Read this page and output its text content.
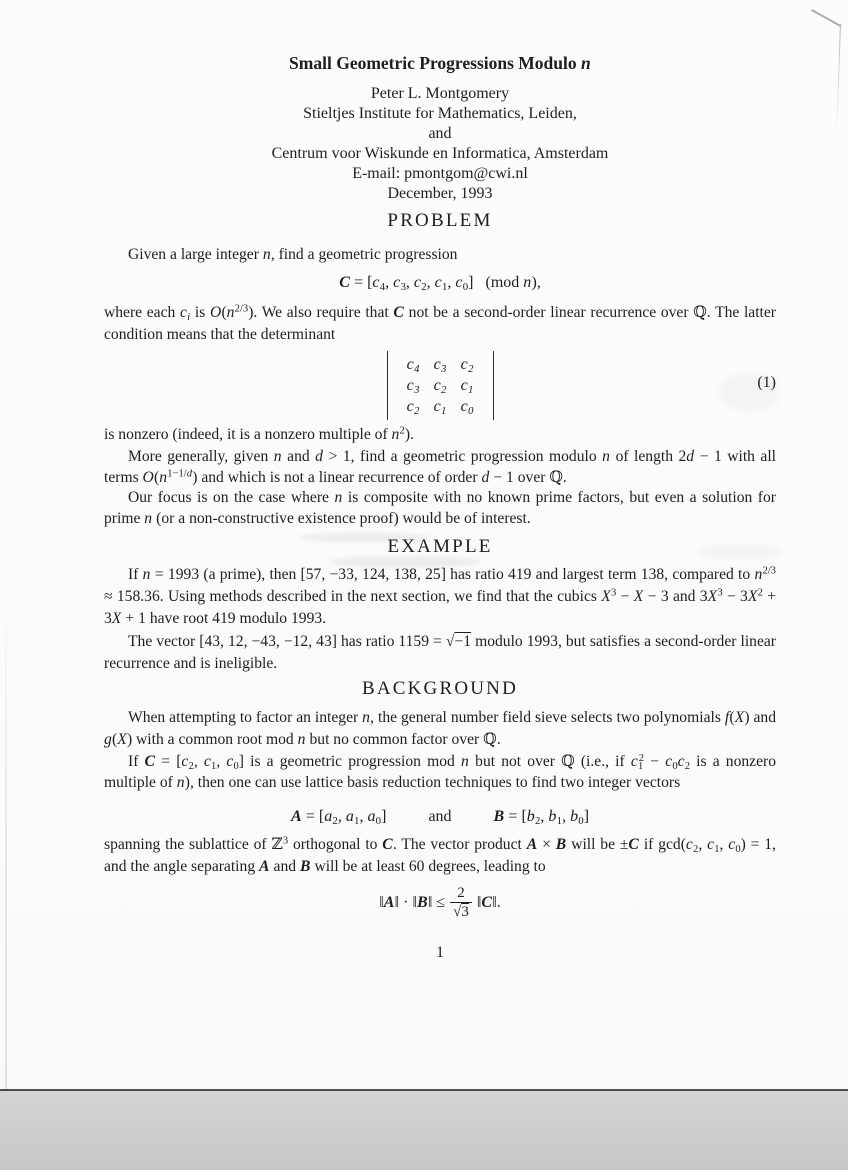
Small Geometric Progressions Modulo n
Peter L. Montgomery
Stieltjes Institute for Mathematics, Leiden,
and
Centrum voor Wiskunde en Informatica, Amsterdam
E-mail: pmontgom@cwi.nl
December, 1993
PROBLEM

Given a large integer n, find a geometric progression

$C = [c_4$, $c_3$, $c_2$, $c_1$, $c_0$]   (mod n),

where each $c_i$ is $O(n^{2/3})$. We also require that C not be a second-order linear recurrence over ℚ. The latter condition means that the determinant

$c_4$ $c_3$ $c_2$
$c_3$ $c_2$ $c_1$
$c_2$ $c_1$ $c_0$
(1)

is nonzero (indeed, it is a nonzero multiple of $n^2$).

More generally, given n and d > 1, find a geometric progression modulo n of length 2d − 1 with all terms $O(n^{1-1/d})$ and which is not a linear recurrence of order d − 1 over ℚ.

Our focus is on the case where n is composite with no known prime factors, but even a solution for prime n (or a non-constructive existence proof) would be of interest.

EXAMPLE

If n = 1993 (a prime), then [57, −33, 124, 138, 25] has ratio 419 and largest term 138, compared to $n^{2/3} \approx 158.36$. Using methods described in the next section, we find that the cubics $X^3 - X - 3$ and $3X^3 - 3X^2 + 3X + 1$ have root 419 modulo 1993.

The vector [43, 12, −43, −12, 43] has ratio 1159 = √−1 modulo 1993, but satisfies a second-order linear recurrence and is ineligible.

BACKGROUND

When attempting to factor an integer n, the general number field sieve selects two polynomials f(X) and g(X) with a common root mod n but no common factor over ℚ.

If $C = [c_2$, $c_1$, $c_0$] is a geometric progression mod n but not over ℚ (i.e., if $c_1^2 - c_0c_2$ is a nonzero multiple of n), then one can use lattice basis reduction techniques to find two integer vectors

$A = [a_2$, $a_1$, $a_0$]	and	$B = [b_2$, $b_1$, $b_0$]

spanning the sublattice of ℤ$^3$ orthogonal to C. The vector product A × B will be ±C if $\gcd(c_2$, $c_1$, $c_0) = 1$, and the angle separating A and B will be at least 60 degrees, leading to

‖A‖ · ‖B‖ ≤ $\frac{2}{√3}$ ‖C‖.
1
